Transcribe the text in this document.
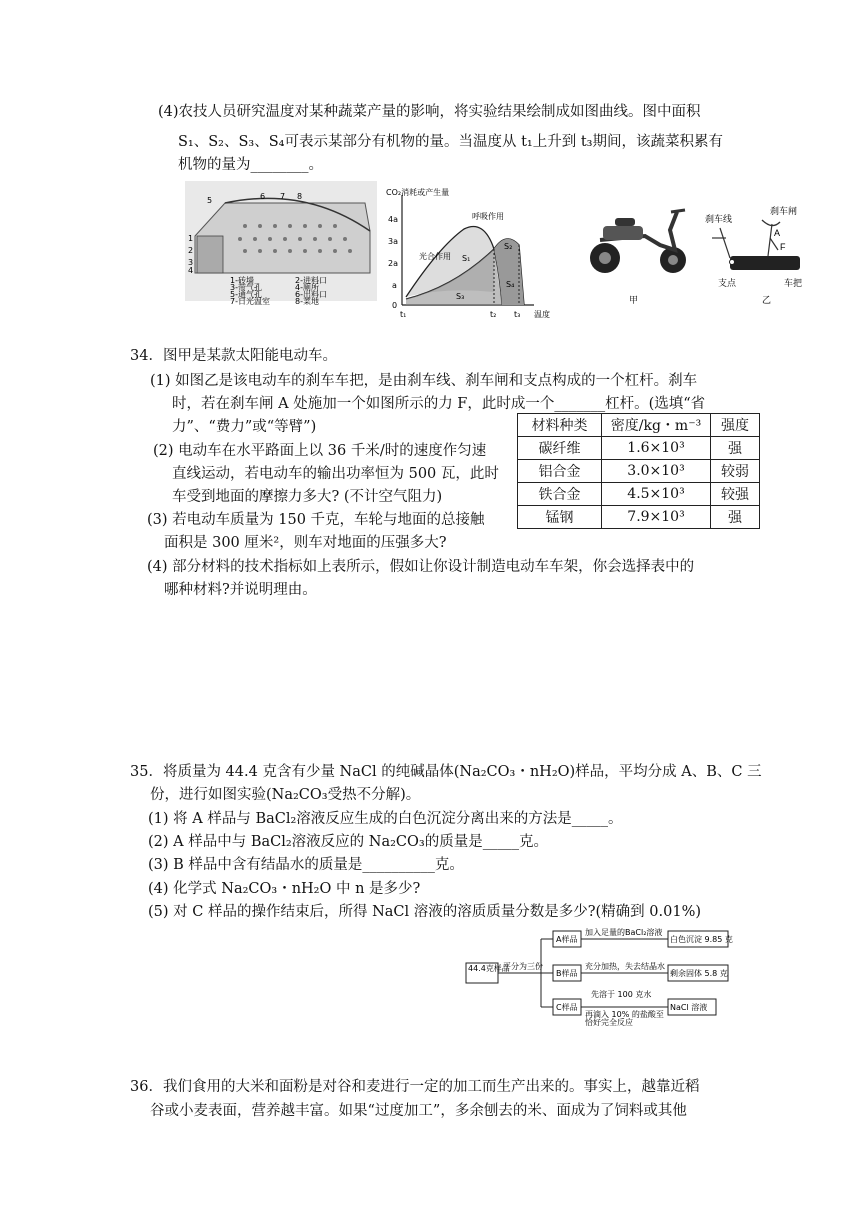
(4)农技人员研究温度对某种蔬菜产量的影响，将实验结果绘制成如图曲线。图中面积
S₁、S₂、S₃、S₄可表示某部分有机物的量。当温度从 t₁上升到 t₃期间，该蔬菜积累有
机物的量为________。
5	6 7 8
1
2
3
4
1-砖墙	2-进料口
3-带气孔	4-厕所
5-通气孔	6-出料口
7-日光温室	8-菜地
CO₂消耗或产生量
4a
3a
2a
a
0
光合作用
呼吸作用
S₁
S₂
S₃
S₄
t₁	t₂ t₃ 温度
甲
刹车线
刹车闸
A
F
支点	车把
乙
34．图甲是某款太阳能电动车。
(1) 如图乙是该电动车的刹车车把，是由刹车线、刹车闸和支点构成的一个杠杆。刹车
时，若在刹车闸 A 处施加一个如图所示的力 F，此时成一个_______杠杆。(选填“省
力”、“费力”或“等臂”)
(2) 电动车在水平路面上以 36 千米/时的速度作匀速
直线运动，若电动车的输出功率恒为 500 瓦，此时
车受到地面的摩擦力多大? (不计空气阻力)
(3) 若电动车质量为 150 千克，车轮与地面的总接触
面积是 300 厘米²，则车对地面的压强多大?
(4) 部分材料的技术指标如上表所示，假如让你设计制造电动车车架，你会选择表中的
哪种材料?并说明理由。
材料种类	密度/kg・m⁻³	强度
碳纤维	1.6×10³	强
铝合金	3.0×10³	较弱
铁合金	4.5×10³	较强
锰钢	7.9×10³	强
35．将质量为 44.4 克含有少量 NaCl 的纯碱晶体(Na₂CO₃・nH₂O)样品，平均分成 A、B、C 三
份，进行如图实验(Na₂CO₃受热不分解)。
(1) 将 A 样品与 BaCl₂溶液反应生成的白色沉淀分离出来的方法是_____。
(2) A 样品中与 BaCl₂溶液反应的 Na₂CO₃的质量是_____克。
(3) B 样品中含有结晶水的质量是__________克。
(4) 化学式 Na₂CO₃・nH₂O 中 n 是多少?
(5) 对 C 样品的操作结束后，所得 NaCl 溶液的溶质质量分数是多少?(精确到 0.01%)
44.4克样品
平分为三份
A样品
B样品
C样品
加入足量的BaCl₂溶液
充分加热，失去结晶水
先溶于 100 克水
再滴入 10% 的盐酸至
恰好完全反应
白色沉淀 9.85 克
剩余固体 5.8 克
NaCl 溶液
36．我们食用的大米和面粉是对谷和麦进行一定的加工而生产出来的。事实上，越靠近稻
谷或小麦表面，营养越丰富。如果“过度加工”，多余刨去的米、面成为了饲料或其他
